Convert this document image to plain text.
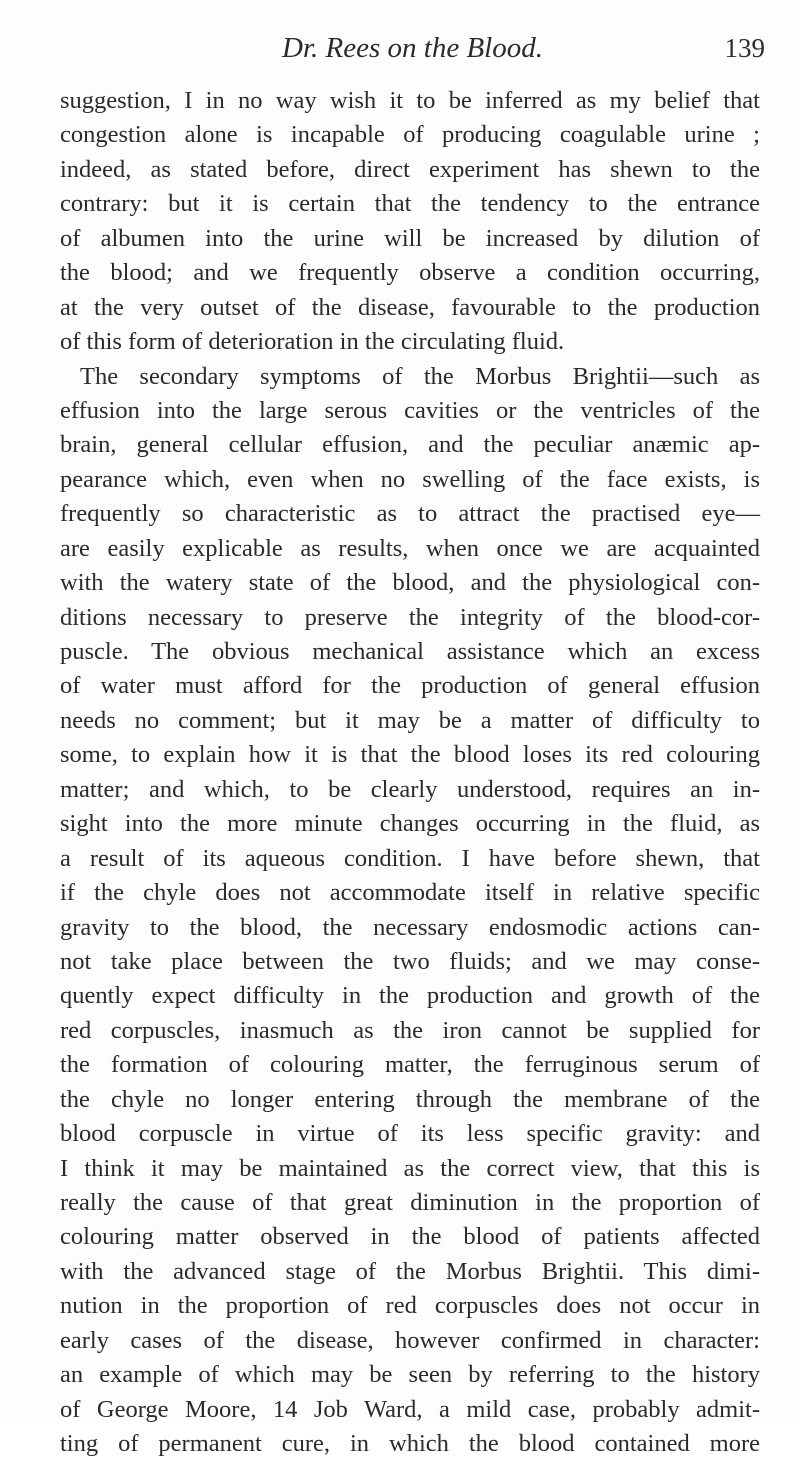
Dr. Rees on the Blood.	139
suggestion, I in no way wish it to be inferred as my belief that
congestion alone is incapable of producing coagulable urine ;
indeed, as stated before, direct experiment has shewn to the
contrary: but it is certain that the tendency to the entrance
of albumen into the urine will be increased by dilution of
the blood; and we frequently observe a condition occurring,
at the very outset of the disease, favourable to the production
of this form of deterioration in the circulating fluid.
The secondary symptoms of the Morbus Brightii—such as
effusion into the large serous cavities or the ventricles of the
brain, general cellular effusion, and the peculiar anæmic ap-
pearance which, even when no swelling of the face exists, is
frequently so characteristic as to attract the practised eye—
are easily explicable as results, when once we are acquainted
with the watery state of the blood, and the physiological con-
ditions necessary to preserve the integrity of the blood-cor-
puscle. The obvious mechanical assistance which an excess
of water must afford for the production of general effusion
needs no comment; but it may be a matter of difficulty to
some, to explain how it is that the blood loses its red colouring
matter; and which, to be clearly understood, requires an in-
sight into the more minute changes occurring in the fluid, as
a result of its aqueous condition. I have before shewn, that
if the chyle does not accommodate itself in relative specific
gravity to the blood, the necessary endosmodic actions can-
not take place between the two fluids; and we may conse-
quently expect difficulty in the production and growth of the
red corpuscles, inasmuch as the iron cannot be supplied for
the formation of colouring matter, the ferruginous serum of
the chyle no longer entering through the membrane of the
blood corpuscle in virtue of its less specific gravity: and
I think it may be maintained as the correct view, that this is
really the cause of that great diminution in the proportion of
colouring matter observed in the blood of patients affected
with the advanced stage of the Morbus Brightii. This dimi-
nution in the proportion of red corpuscles does not occur in
early cases of the disease, however confirmed in character:
an example of which may be seen by referring to the history
of George Moore, 14 Job Ward, a mild case, probably admit-
ting of permanent cure, in which the blood contained more
